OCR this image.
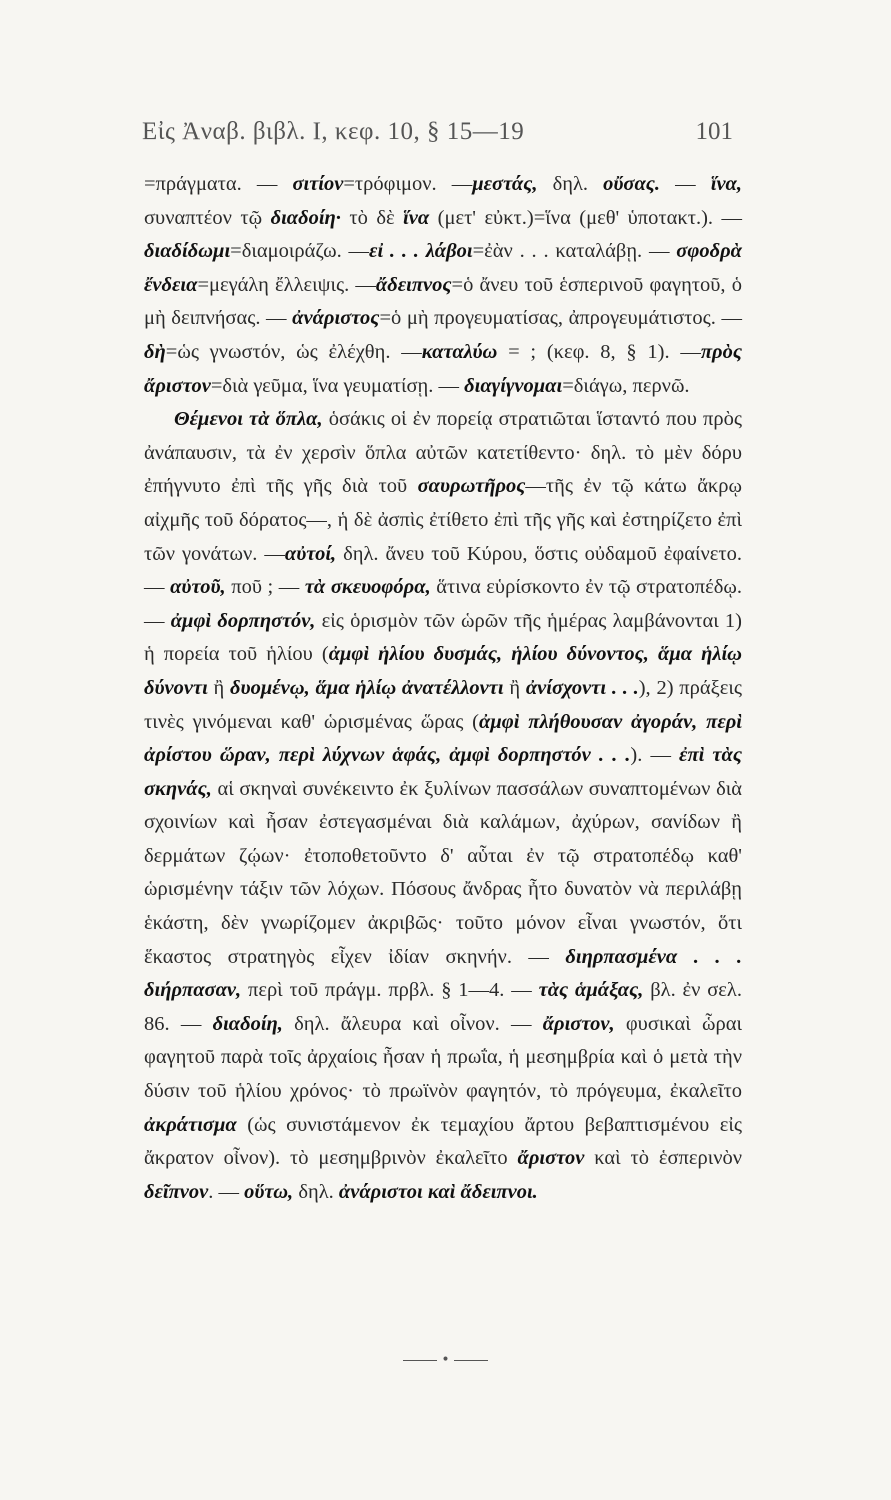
Εἰς Ἀναβ. βιβλ. Ι, κεφ. 10, § 15—19	101

=πράγματα. — σιτίον=τρόφιμον. —μεστάς, δηλ. οὔσας. — ἵνα, συναπτέον τῷ διαδοίη· τὸ δὲ ἵνα (μετ' εὐκτ.)=ἵνα (μεθ' ὑποτακτ.). —διαδίδωμι=διαμοιράζω. —εἰ . . . λάβοι=ἐὰν . . . καταλάβῃ. — σφοδρὰ ἔνδεια=μεγάλη ἔλλειψις. —ἄδειπνος=ὁ ἄνευ τοῦ ἑσπερινοῦ φαγητοῦ, ὁ μὴ δειπνήσας. — ἀνάριστος=ὁ μὴ προγευματίσας, ἀπρογευμάτιστος. —δὴ=ὡς γνωστόν, ὡς ἐλέχθη. —καταλύω = ; (κεφ. 8, § 1). —πρὸς ἄριστον=διὰ γεῦμα, ἵνα γευματίσῃ. — διαγίγνομαι=διάγω, περνῶ.

Θέμενοι τὰ ὅπλα, ὁσάκις οἱ ἐν πορείᾳ στρατιῶται ἵσταντό που πρὸς ἀνάπαυσιν, τὰ ἐν χερσὶν ὅπλα αὐτῶν κατετίθεντο· δηλ. τὸ μὲν δόρυ ἐπήγνυτο ἐπὶ τῆς γῆς διὰ τοῦ σαυρωτῆρος—τῆς ἐν τῷ κάτω ἄκρῳ αἰχμῆς τοῦ δόρατος—, ἡ δὲ ἀσπὶς ἐτίθετο ἐπὶ τῆς γῆς καὶ ἐστηρίζετο ἐπὶ τῶν γονάτων. —αὐτοί, δηλ. ἄνευ τοῦ Κύρου, ὅστις οὐδαμοῦ ἐφαίνετο. — αὐτοῦ, ποῦ ; — τὰ σκευοφόρα, ἅτινα εὑρίσκοντο ἐν τῷ στρατοπέδῳ. — ἀμφὶ δορπηστόν, εἰς ὁρισμὸν τῶν ὡρῶν τῆς ἡμέρας λαμβάνονται 1) ἡ πορεία τοῦ ἡλίου (ἀμφὶ ἡλίου δυσμάς, ἡλίου δύνοντος, ἅμα ἡλίῳ δύνοντι ἢ δυομένῳ, ἅμα ἡλίῳ ἀνατέλλοντι ἢ ἀνίσχοντι . . .), 2) πράξεις τινὲς γινόμεναι καθ' ὡρισμένας ὥρας (ἀμφὶ πλήθουσαν ἀγοράν, περὶ ἀρίστου ὥραν, περὶ λύχνων ἁφάς, ἀμφὶ δορπηστόν . . .). — ἐπὶ τὰς σκηνάς, αἱ σκηναὶ συνέκειντο ἐκ ξυλίνων πασσάλων συναπτομένων διὰ σχοινίων καὶ ἦσαν ἐστεγασμέναι διὰ καλάμων, ἀχύρων, σανίδων ἢ δερμάτων ζῴων· ἐτοποθετοῦντο δ' αὗται ἐν τῷ στρατοπέδῳ καθ' ὡρισμένην τάξιν τῶν λόχων. Πόσους ἄνδρας ἦτο δυνατὸν νὰ περιλάβῃ ἑκάστη, δὲν γνωρίζομεν ἀκριβῶς· τοῦτο μόνον εἶναι γνωστόν, ὅτι ἕκαστος στρατηγὸς εἶχεν ἰδίαν σκηνήν. — διηρπασμένα . . . διήρπασαν, περὶ τοῦ πράγμ. πρβλ. § 1—4. — τὰς ἁμάξας, βλ. ἐν σελ. 86. — διαδοίη, δηλ. ἄλευρα καὶ οἶνον. — ἄριστον, φυσικαὶ ὧραι φαγητοῦ παρὰ τοῖς ἀρχαίοις ἦσαν ἡ πρωΐα, ἡ μεσημβρία καὶ ὁ μετὰ τὴν δύσιν τοῦ ἡλίου χρόνος· τὸ πρωϊνὸν φαγητόν, τὸ πρόγευμα, ἐκαλεῖτο ἀκράτισμα (ὡς συνιστάμενον ἐκ τεμαχίου ἄρτου βεβαπτισμένου εἰς ἄκρατον οἶνον). τὸ μεσημβρινὸν ἐκαλεῖτο ἄριστον καὶ τὸ ἑσπερινὸν δεῖπνον. — οὕτω, δηλ. ἀνάριστοι καὶ ἄδειπνοι.

•
